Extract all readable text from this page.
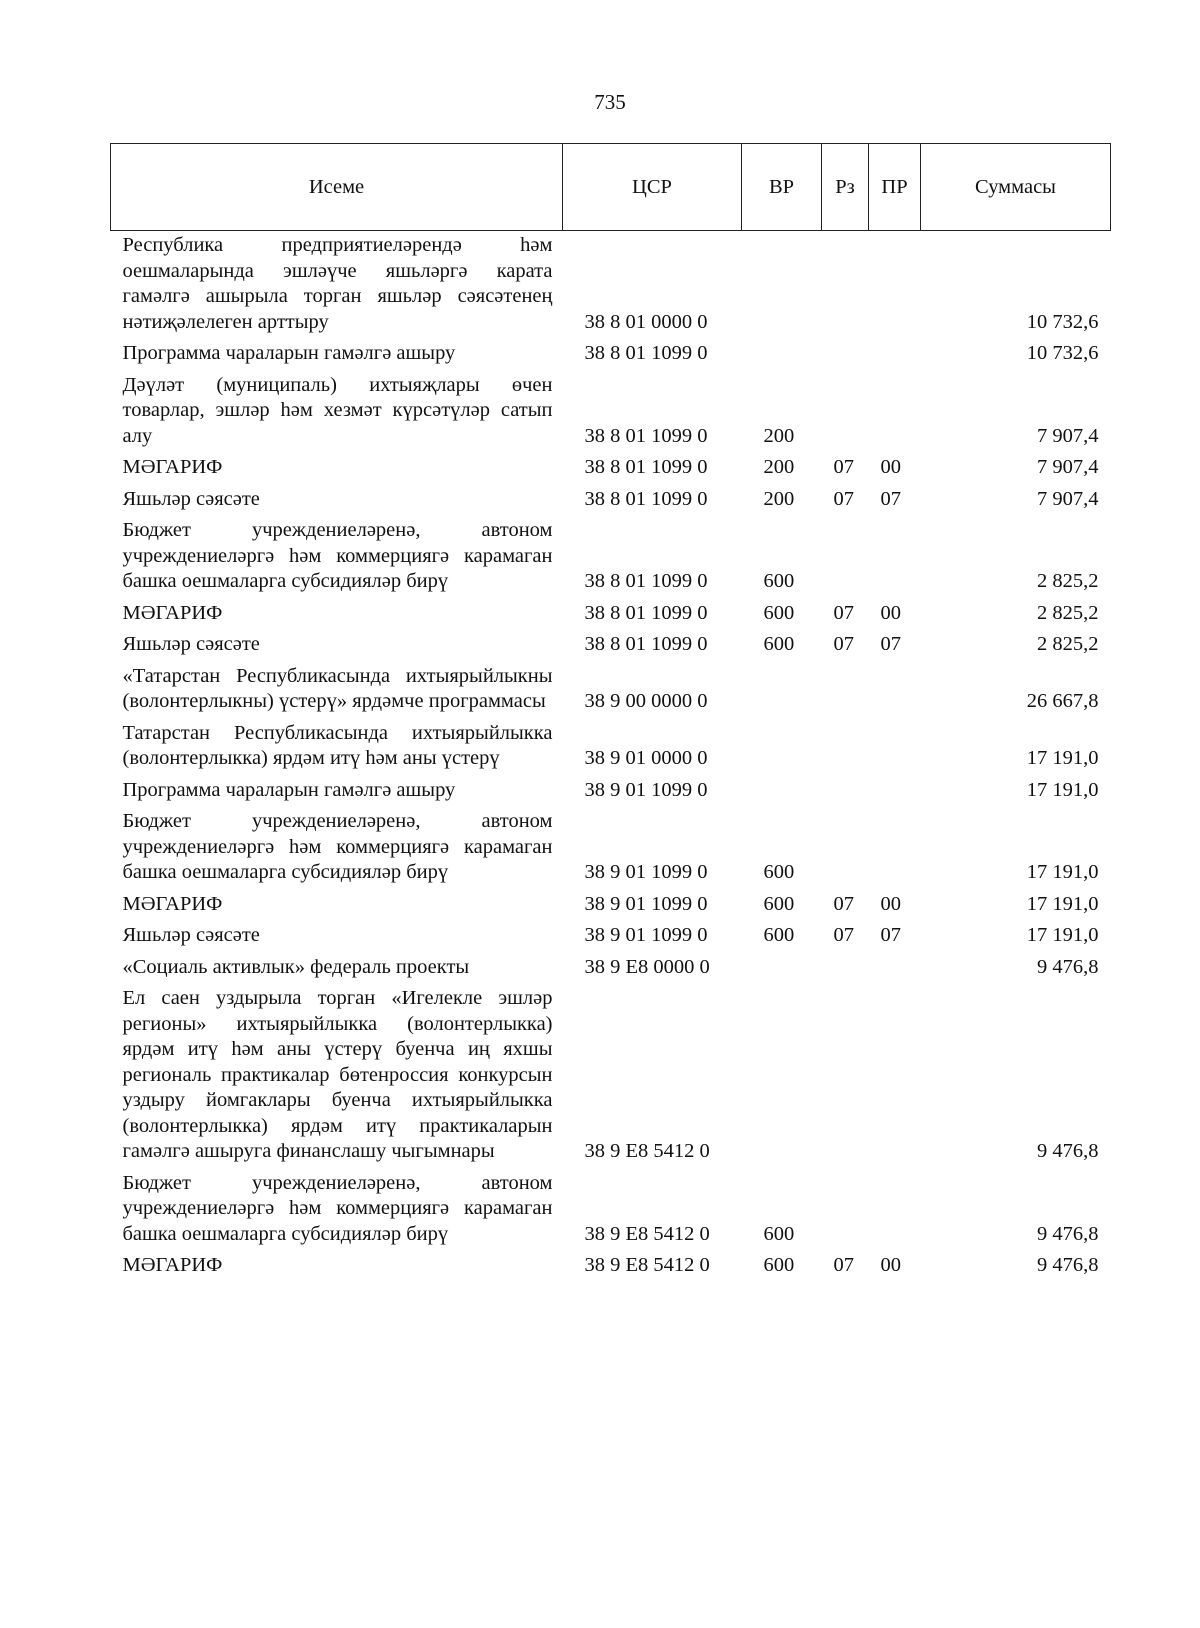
735
Исеме	ЦСР	ВР	Рз	ПР	Суммасы
Республика предприятиеләрендә һәм оешмаларында эшләүче яшьләргә карата гамәлгә ашырыла торган яшьләр сәясәтенең нәтиҗәлелеген арттыру	38 8 01 0000 0				10 732,6
Программа чараларын гамәлгә ашыру	38 8 01 1099 0				10 732,6
Дәүләт (муниципаль) ихтыяҗлары өчен товарлар, эшләр һәм хезмәт күрсәтүләр сатып алу	38 8 01 1099 0	200			7 907,4
МӘГАРИФ	38 8 01 1099 0	200	07	00	7 907,4
Яшьләр сәясәте	38 8 01 1099 0	200	07	07	7 907,4
Бюджет учреждениеләренә, автоном учреждениеләргә һәм коммерциягә карамаган башка оешмаларга субсидияләр бирү	38 8 01 1099 0	600			2 825,2
МӘГАРИФ	38 8 01 1099 0	600	07	00	2 825,2
Яшьләр сәясәте	38 8 01 1099 0	600	07	07	2 825,2
«Татарстан Республикасында ихтыярыйлыкны (волонтерлыкны) үстерү» ярдәмче программасы	38 9 00 0000 0				26 667,8
Татарстан Республикасында ихтыярыйлыкка (волонтерлыкка) ярдәм итү һәм аны үстерү	38 9 01 0000 0				17 191,0
Программа чараларын гамәлгә ашыру	38 9 01 1099 0				17 191,0
Бюджет учреждениеләренә, автоном учреждениеләргә һәм коммерциягә карамаган башка оешмаларга субсидияләр бирү	38 9 01 1099 0	600			17 191,0
МӘГАРИФ	38 9 01 1099 0	600	07	00	17 191,0
Яшьләр сәясәте	38 9 01 1099 0	600	07	07	17 191,0
«Социаль активлык» федераль проекты	38 9 E8 0000 0				9 476,8
Ел саен уздырыла торган «Игелекле эшләр регионы» ихтыярыйлыкка (волонтерлыкка) ярдәм итү һәм аны үстерү буенча иң яхшы региональ практикалар бөтенроссия конкурсын уздыру йомгаклары буенча ихтыярыйлыкка (волонтерлыкка) ярдәм итү практикаларын гамәлгә ашыруга финанслашу чыгымнары	38 9 E8 5412 0				9 476,8
Бюджет учреждениеләренә, автоном учреждениеләргә һәм коммерциягә карамаган башка оешмаларга субсидияләр бирү	38 9 E8 5412 0	600			9 476,8
МӘГАРИФ	38 9 E8 5412 0	600	07	00	9 476,8
